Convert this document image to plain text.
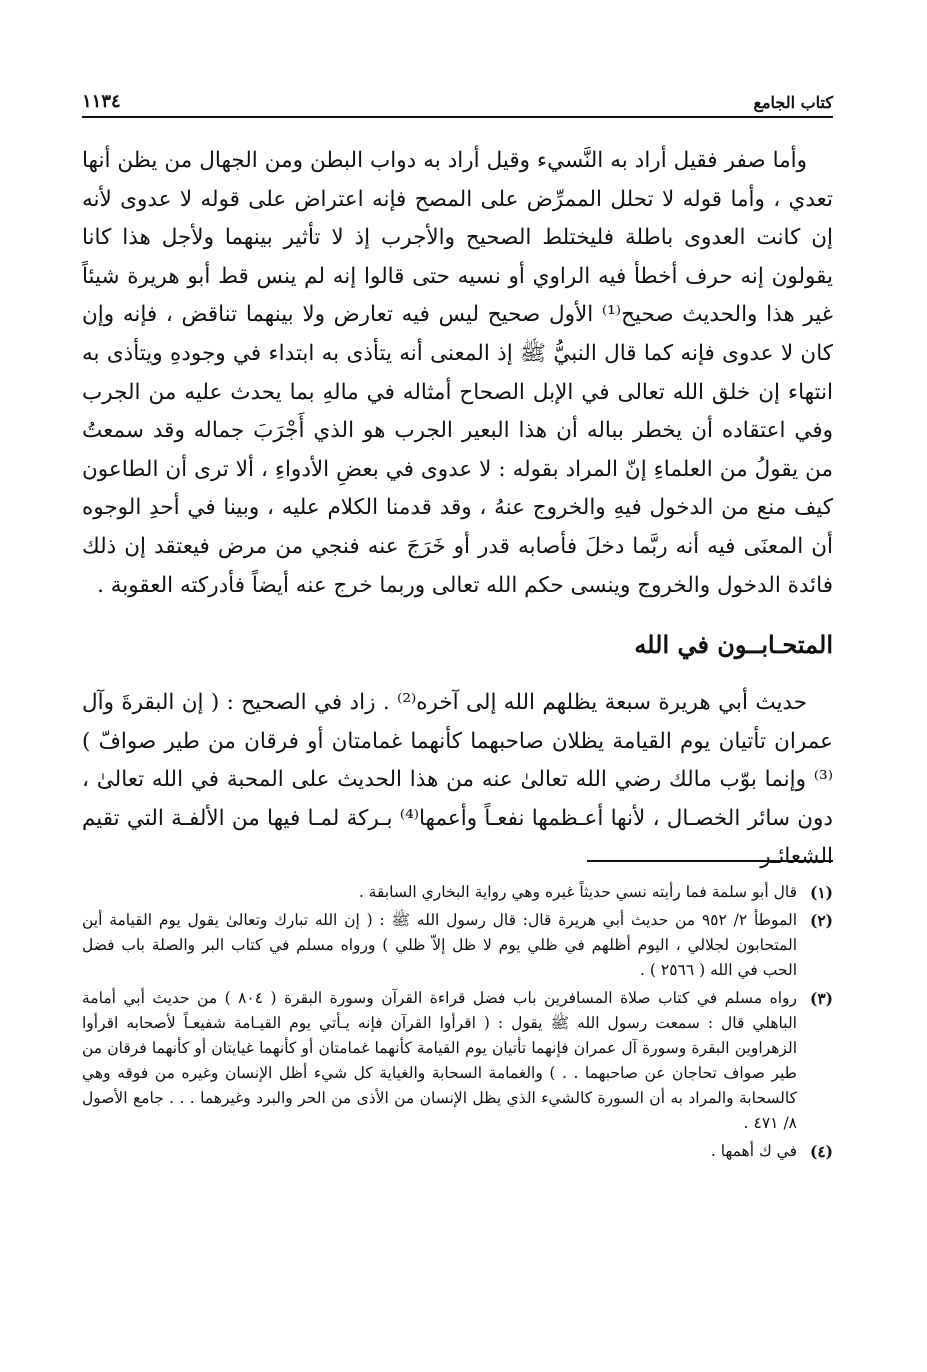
كتاب الجامع
١١٣٤

وأما صفر فقيل أراد به النَّسيء وقيل أراد به دواب البطن ومن الجهال من يظن أنها تعدي ، وأما قوله لا تحلل الممرِّض على المصح فإنه اعتراض على قوله لا عدوى لأنه إن كانت العدوى باطلة فليختلط الصحيح والأجرب إذ لا تأثير بينهما ولأجل هذا كانا يقولون إنه حرف أخطأ فيه الراوي أو نسيه حتى قالوا إنه لم ينس قط أبو هريرة شيئاً غير هذا والحديث صحيح⁽¹⁾ الأول صحيح ليس فيه تعارض ولا بينهما تناقض ، فإنه وإن كان لا عدوى فإنه كما قال النبيُّ ﷺ إذ المعنى أنه يتأذى به ابتداء في وجودهِ ويتأذى به انتهاء إن خلق الله تعالى في الإبل الصحاح أمثاله في مالهِ بما يحدث عليه من الجرب وفي اعتقاده أن يخطر بباله أن هذا البعير الجرب هو الذي أَجْرَبَ جماله وقد سمعتُ من يقولُ من العلماءِ إنّ المراد بقوله : لا عدوى في بعضِ الأدواءِ ، ألا ترى أن الطاعون كيف منع من الدخول فيهِ والخروج عنهُ ، وقد قدمنا الكلام عليه ، وبينا في أحدِ الوجوه أن المعنَى فيه أنه ربَّما دخلَ فأصابه قدر أو خَرَجَ عنه فنجي من مرض فيعتقد إن ذلك فائدة الدخول والخروج وينسى حكم الله تعالى وربما خرج عنه أيضاً فأدركته العقوبة .

المتحـابــون في الله

حديث أبي هريرة سبعة يظلهم الله إلى آخره⁽²⁾ . زاد في الصحيح : ( إن البقرةَ وآل عمران تأتيان يوم القيامة يظلان صاحبهما كأنهما غمامتان أو فرقان من طير صوافّ )⁽³⁾ وإنما بوّب مالك رضي الله تعالىٰ عنه من هذا الحديث على المحبة في الله تعالىٰ ، دون سائر الخصـال ، لأنها أعـظمها نفعـاً وأعمها⁽⁴⁾ بـركة لمـا فيها من الألفـة التي تقيم الشعائـر

(١)
قال أبو سلمة فما رأيته نسي حديثاً غيره وهي رواية البخاري السابقة .
(٢)
الموطأ ٢/ ٩٥٢ من حديث أبي هريرة قال: قال رسول الله ﷺ : ( إن الله تبارك وتعالىٰ يقول يوم القيامة أين المتحابون لجلالي ، اليوم أظلهم في ظلي يوم لا ظل إلاّ ظلي ) ورواه مسلم في كتاب البر والصلة باب فضل الحب في الله ( ٢٥٦٦ ) .
(٣)
رواه مسلم في كتاب صلاة المسافرين باب فضل قراءة القرآن وسورة البقرة ( ٨٠٤ ) من حديث أبي أمامة الباهلي قال : سمعت رسول الله ﷺ يقول : ( اقرأوا القرآن فإنه يـأتي يوم القيـامة شفيعـاً لأصحابه اقرأوا الزهراوين البقرة وسورة آل عمران فإنهما تأتيان يوم القيامة كأنهما غمامتان أو كأنهما غيايتان أو كأنهما فرقان من طير صواف تحاجان عن صاحبهما . . ) والغمامة السحابة والغياية كل شيء أظل الإنسان وغيره من فوقه وهي كالسحابة والمراد به أن السورة كالشيء الذي يظل الإنسان من الأذى من الحر والبرد وغيرهما . . . جامع الأصول ٨/ ٤٧١ .
(٤)
في ك أهمها .
